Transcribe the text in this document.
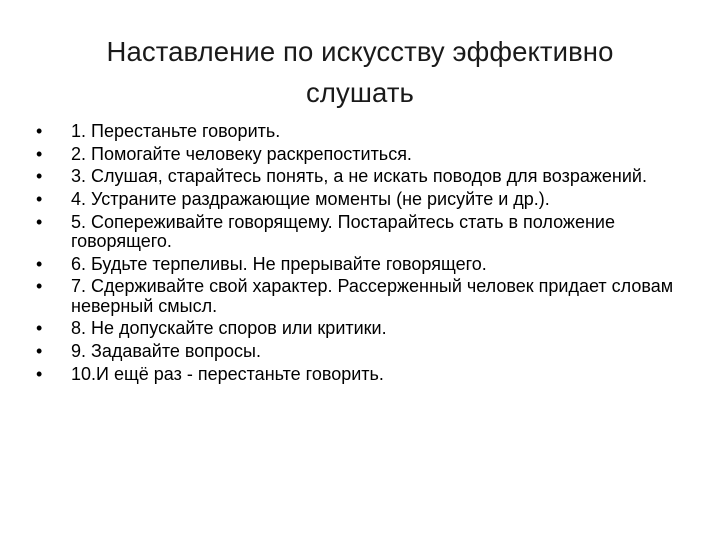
Наставление по искусству эффективно слушать
• 1. Перестаньте говорить.
• 2. Помогайте человеку раскрепоститься.
• 3. Слушая, старайтесь понять, а не искать поводов для возражений.
• 4. Устраните раздражающие моменты (не рисуйте и др.).
• 5. Сопереживайте говорящему. Постарайтесь стать в положение говорящего.
• 6. Будьте терпеливы. Не прерывайте говорящего.
• 7. Сдерживайте свой характер. Рассерженный человек придает словам неверный смысл.
• 8. Не допускайте споров или критики.
• 9. Задавайте вопросы.
• 10.И ещё раз - перестаньте говорить.
